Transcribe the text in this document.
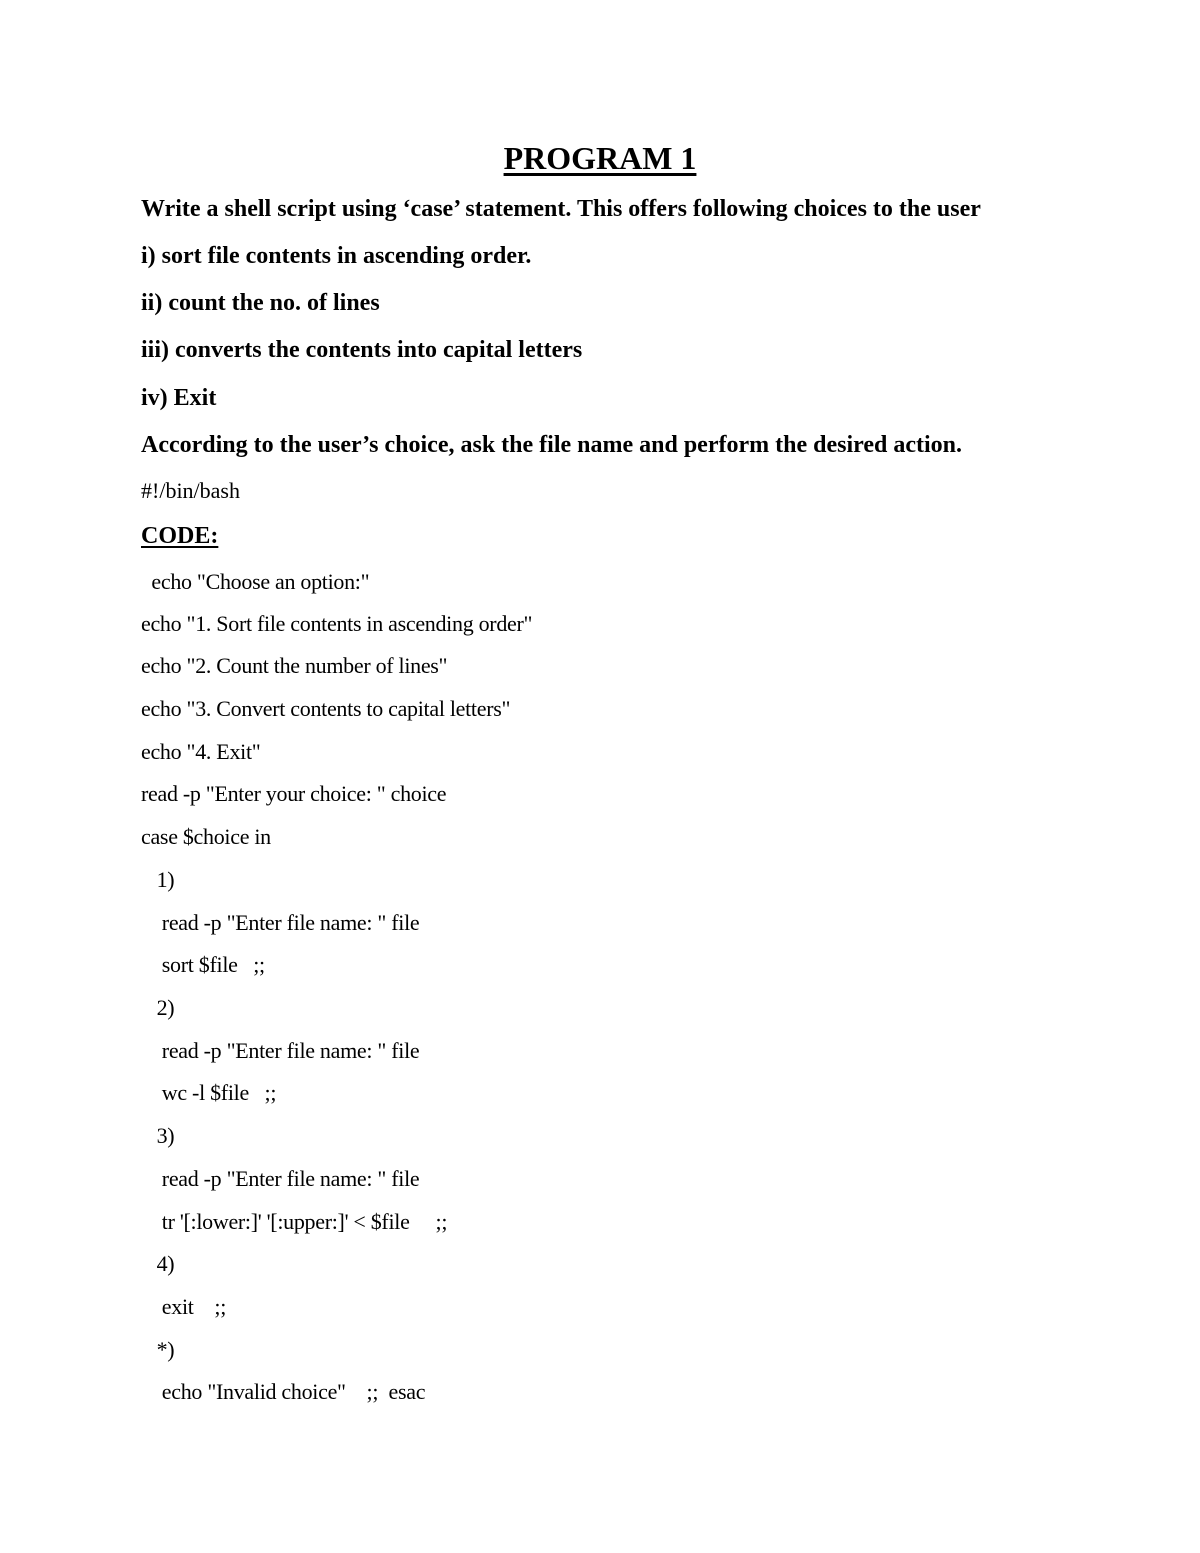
PROGRAM 1
Write a shell script using ‘case’ statement. This offers following choices to the user
i) sort file contents in ascending order.
ii) count the no. of lines
iii) converts the contents into capital letters
iv) Exit
According to the user’s choice, ask the file name and perform the desired action.
#!/bin/bash
CODE:
echo "Choose an option:"
echo "1. Sort file contents in ascending order"
echo "2. Count the number of lines"
echo "3. Convert contents to capital letters"
echo "4. Exit"
read -p "Enter your choice: " choice
case $choice in
1)
read -p "Enter file name: " file
sort $file   ;;
2)
read -p "Enter file name: " file
wc -l $file   ;;
3)
read -p "Enter file name: " file
tr '[:lower:]' '[:upper:]' < $file     ;;
4)
exit    ;;
*)
echo "Invalid choice"    ;;  esac
